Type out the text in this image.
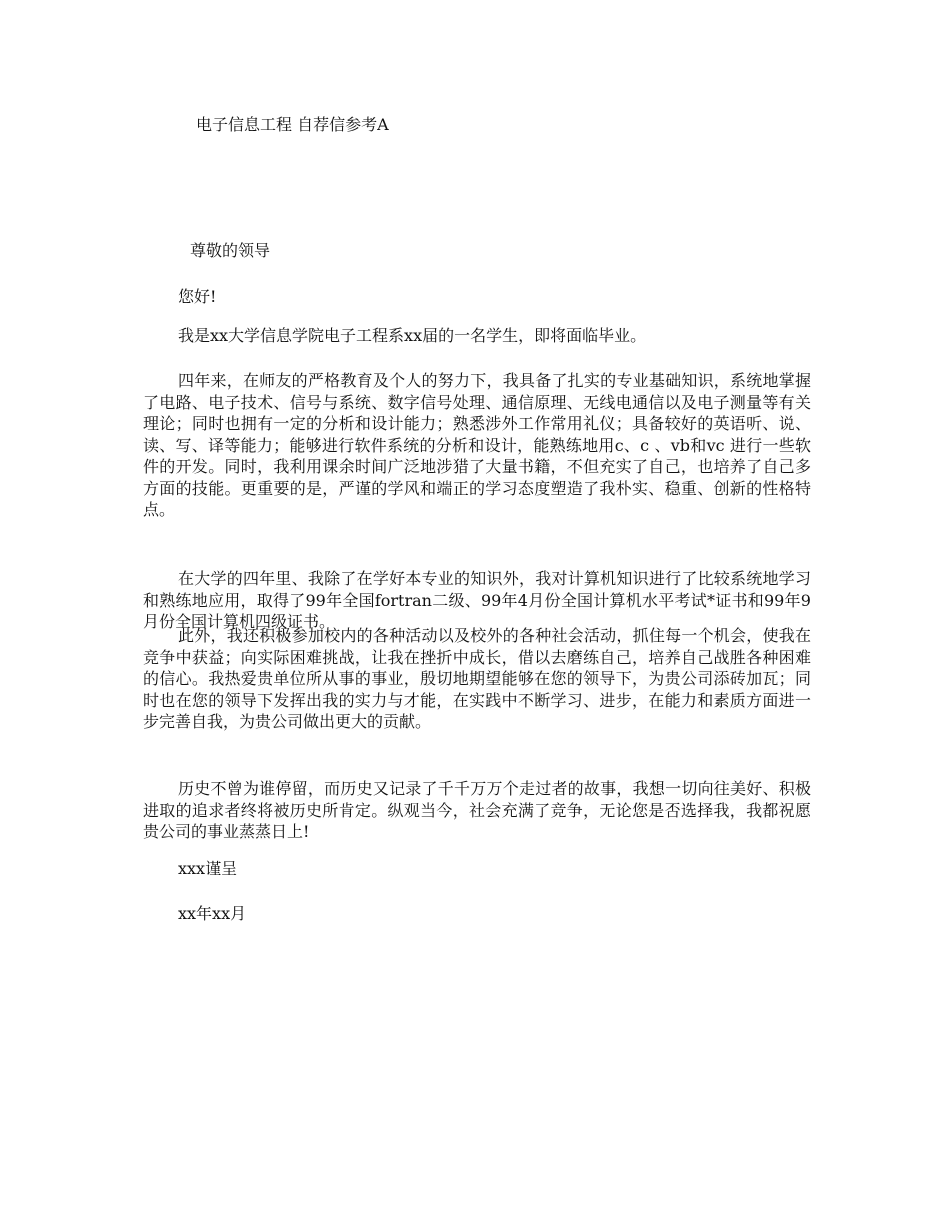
电子信息工程 自荐信参考A

尊敬的领导

您好!

我是xx大学信息学院电子工程系xx届的一名学生，即将面临毕业。

四年来，在师友的严格教育及个人的努力下，我具备了扎实的专业基础知识，系统地掌握了电路、电子技术、信号与系统、数字信号处理、通信原理、无线电通信以及电子测量等有关理论；同时也拥有一定的分析和设计能力；熟悉涉外工作常用礼仪；具备较好的英语听、说、读、写、译等能力；能够进行软件系统的分析和设计，能熟练地用c、c 、vb和vc 进行一些软件的开发。同时，我利用课余时间广泛地涉猎了大量书籍，不但充实了自己，也培养了自己多方面的技能。更重要的是，严谨的学风和端正的学习态度塑造了我朴实、稳重、创新的性格特点。

在大学的四年里、我除了在学好本专业的知识外，我对计算机知识进行了比较系统地学习和熟练地应用，取得了99年全国fortran二级、99年4月份全国计算机水平考试*证书和99年9月份全国计算机四级证书。

此外，我还积极参加校内的各种活动以及校外的各种社会活动，抓住每一个机会，使我在竞争中获益；向实际困难挑战，让我在挫折中成长，借以去磨练自己，培养自己战胜各种困难的信心。我热爱贵单位所从事的事业，殷切地期望能够在您的领导下，为贵公司添砖加瓦；同时也在您的领导下发挥出我的实力与才能，在实践中不断学习、进步，在能力和素质方面进一步完善自我，为贵公司做出更大的贡献。

历史不曾为谁停留，而历史又记录了千千万万个走过者的故事，我想一切向往美好、积极进取的追求者终将被历史所肯定。纵观当今，社会充满了竞争，无论您是否选择我，我都祝愿贵公司的事业蒸蒸日上!

xxx谨呈

xx年xx月
